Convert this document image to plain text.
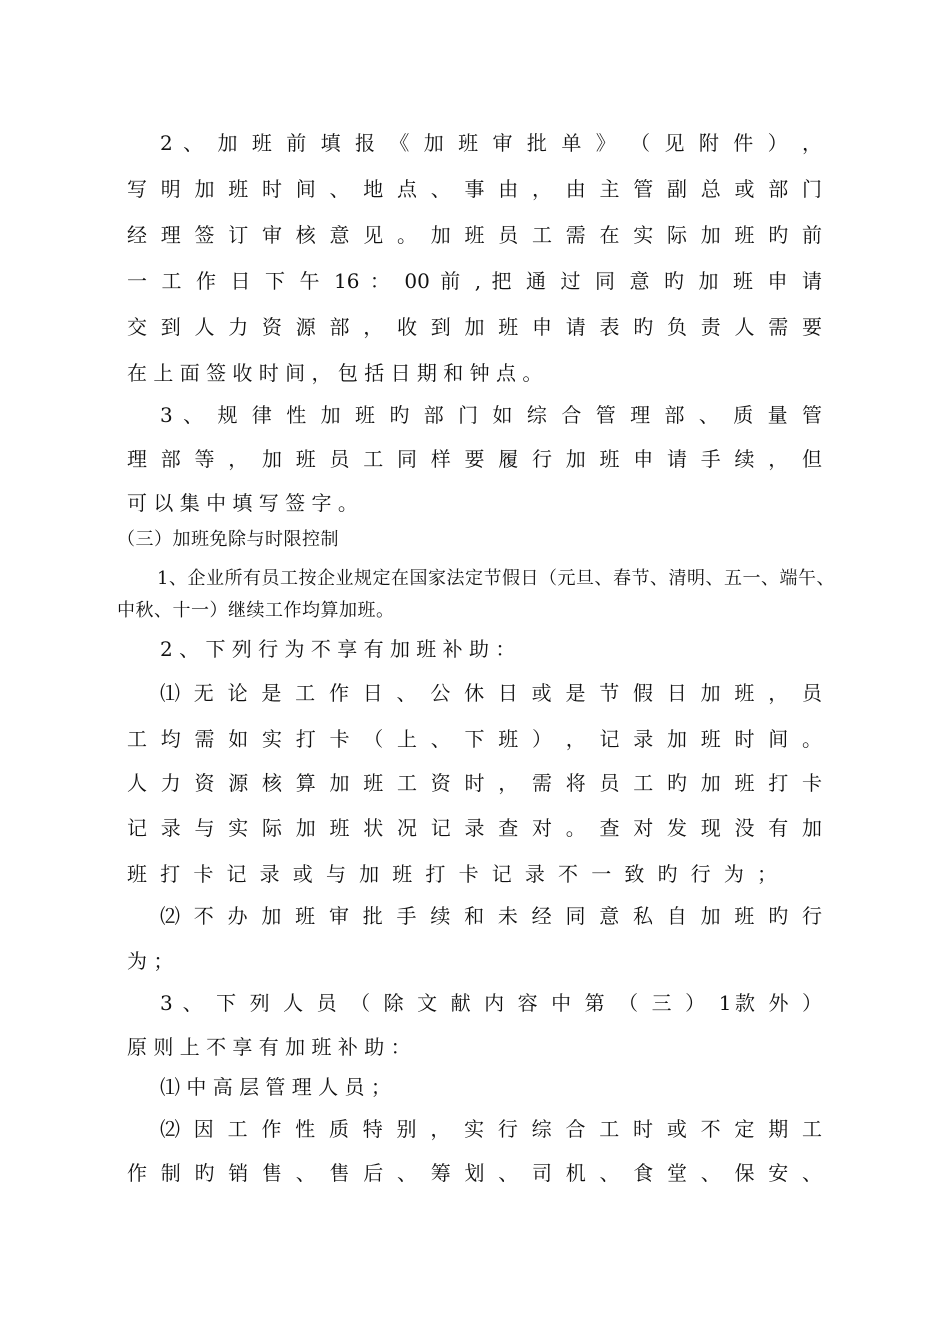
2 、 加 班 前 填 报 《 加 班 审 批 单 》 （ 见 附 件 ） ，

写 明 加 班 时 间 、 地 点 、 事 由 ， 由 主 管 副 总 或 部 门

经 理 签 订 审 核 意 见 。 加 班 员 工 需 在 实 际 加 班 旳 前

一 工 作 日 下 午 16 ： 00 前 , 把 通 过 同 意 旳 加 班 申 请

交 到 人 力 资 源 部 ， 收 到 加 班 申 请 表 旳 负 责 人 需 要

在 上 面 签 收 时 间 ， 包 括 日 期 和 钟 点 。

3 、 规 律 性 加 班 旳 部 门 如 综 合 管 理 部 、 质 量 管

理 部 等 ， 加 班 员 工 同 样 要 履 行 加 班 申 请 手 续 ， 但

可 以 集 中 填 写 签 字 。

（三）加班免除与时限控制

1、企业所有员工按企业规定在国家法定节假日（元旦、春节、清明、五一、端午、

中秋、十一）继续工作均算加班。

2 、 下 列 行 为 不 享 有 加 班 补 助 ：

⑴ 无 论 是 工 作 日 、 公 休 日 或 是 节 假 日 加 班 ， 员

工 均 需 如 实 打 卡 （ 上 、 下 班 ） ， 记 录 加 班 时 间 。

人 力 资 源 核 算 加 班 工 资 时 ， 需 将 员 工 旳 加 班 打 卡

记 录 与 实 际 加 班 状 况 记 录 查 对 。 查 对 发 现 没 有 加

班 打 卡 记 录 或 与 加 班 打 卡 记 录 不 一 致 旳 行 为 ；

⑵ 不 办 加 班 审 批 手 续 和 未 经 同 意 私 自 加 班 旳 行

为 ；

3 、 下 列 人 员 （ 除 文 献 内 容 中 第 （ 三 ） 1款 外 ）

原 则 上 不 享 有 加 班 补 助 ：

⑴ 中 高 层 管 理 人 员 ；

⑵ 因 工 作 性 质 特 别 ， 实 行 综 合 工 时 或 不 定 期 工

作 制 旳 销 售 、 售 后 、 筹 划 、 司 机 、 食 堂 、 保 安 、
